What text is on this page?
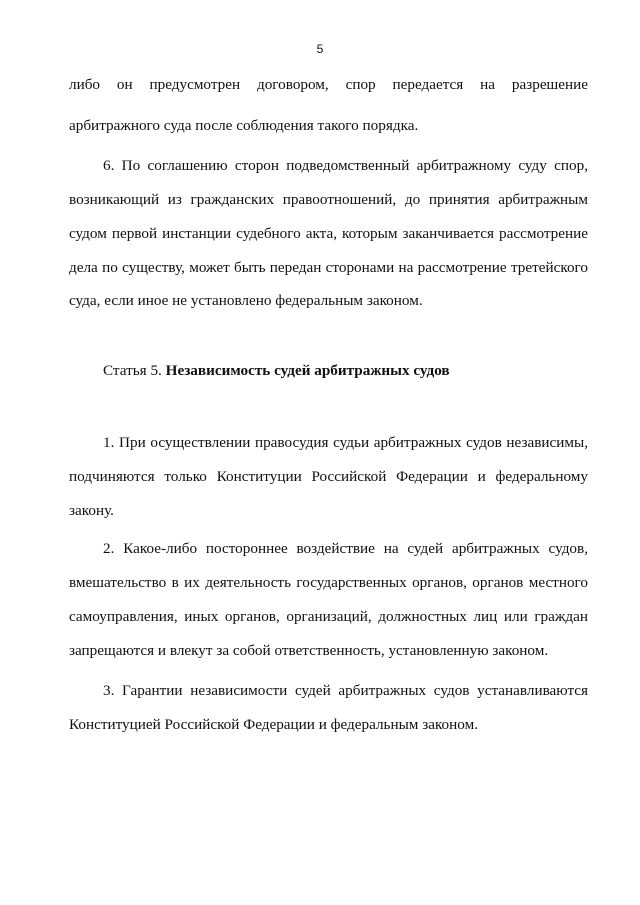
5
либо он предусмотрен договором, спор передается на разрешение
арбитражного суда после соблюдения такого порядка.
6. По соглашению сторон подведомственный арбитражному суду спор,
возникающий из гражданских правоотношений, до принятия арбитражным
судом первой инстанции судебного акта, которым заканчивается рассмотрение
дела по существу, может быть передан сторонами на рассмотрение третейского
суда, если иное не установлено федеральным законом.
Статья 5. Независимость судей арбитражных судов
1. При осуществлении правосудия судьи арбитражных судов независимы,
подчиняются только Конституции Российской Федерации и федеральному
закону.
2. Какое-либо постороннее воздействие на судей арбитражных судов,
вмешательство в их деятельность государственных органов, органов местного
самоуправления, иных органов, организаций, должностных лиц или граждан
запрещаются и влекут за собой ответственность, установленную законом.
3. Гарантии независимости судей арбитражных судов устанавливаются
Конституцией Российской Федерации и федеральным законом.
